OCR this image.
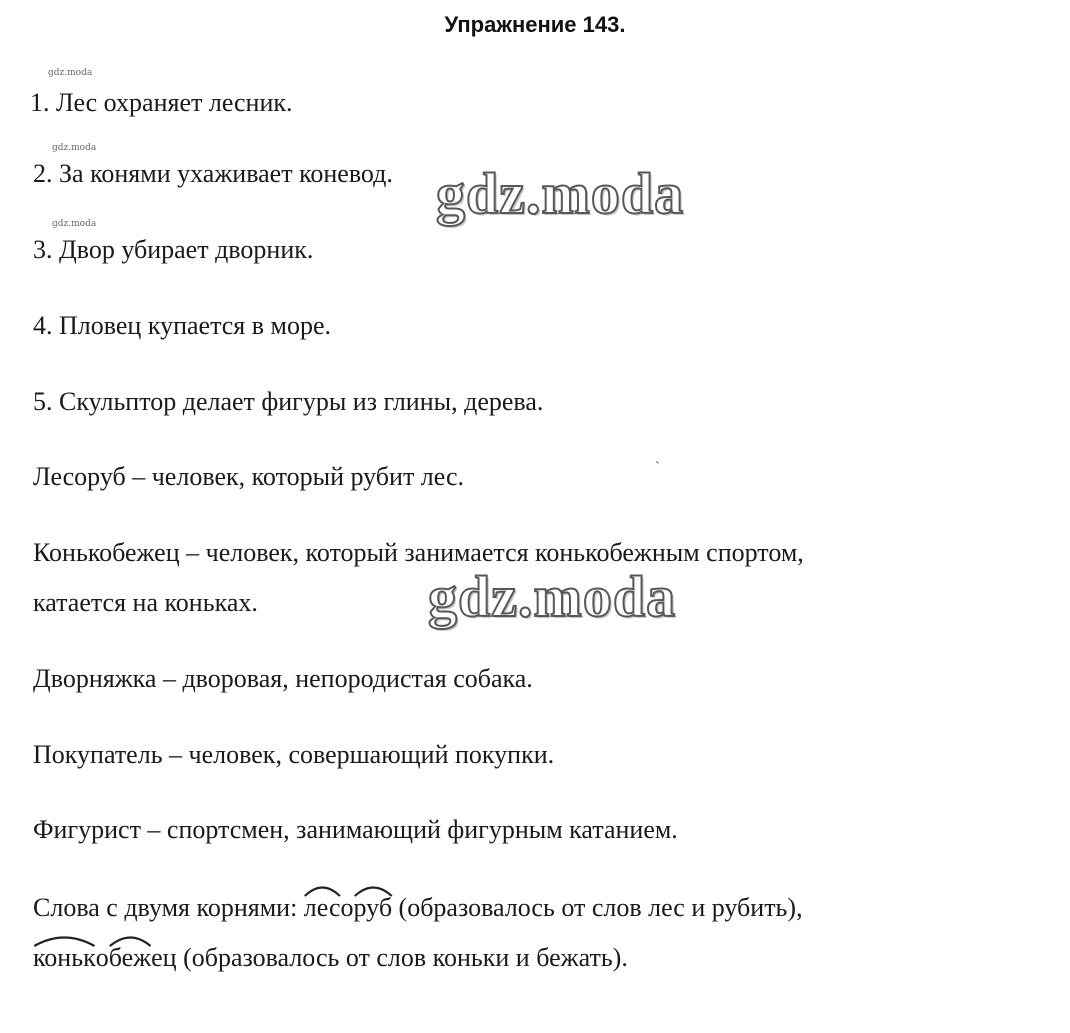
Упражнение 143.
gdz.moda
gdz.moda
gdz.moda
1. Лес охраняет лесник.
2. За конями ухаживает коневод.
3. Двор убирает дворник.
4. Пловец купается в море.
5. Скульптор делает фигуры из глины, дерева.
Лесоруб – человек, который рубит лес.
Конькобежец – человек, который занимается конькобежным спортом,
катается на коньках.
Дворняжка – дворовая, непородистая собака.
Покупатель – человек, совершающий покупки.
Фигурист – спортсмен, занимающий фигурным катанием.
Слова с двумя корнями:
лесо
руб (образовалось от слов лес и рубить),
конько
бежец (образовалось от слов коньки и бежать).
gdz.moda
gdz.moda
ˋ
